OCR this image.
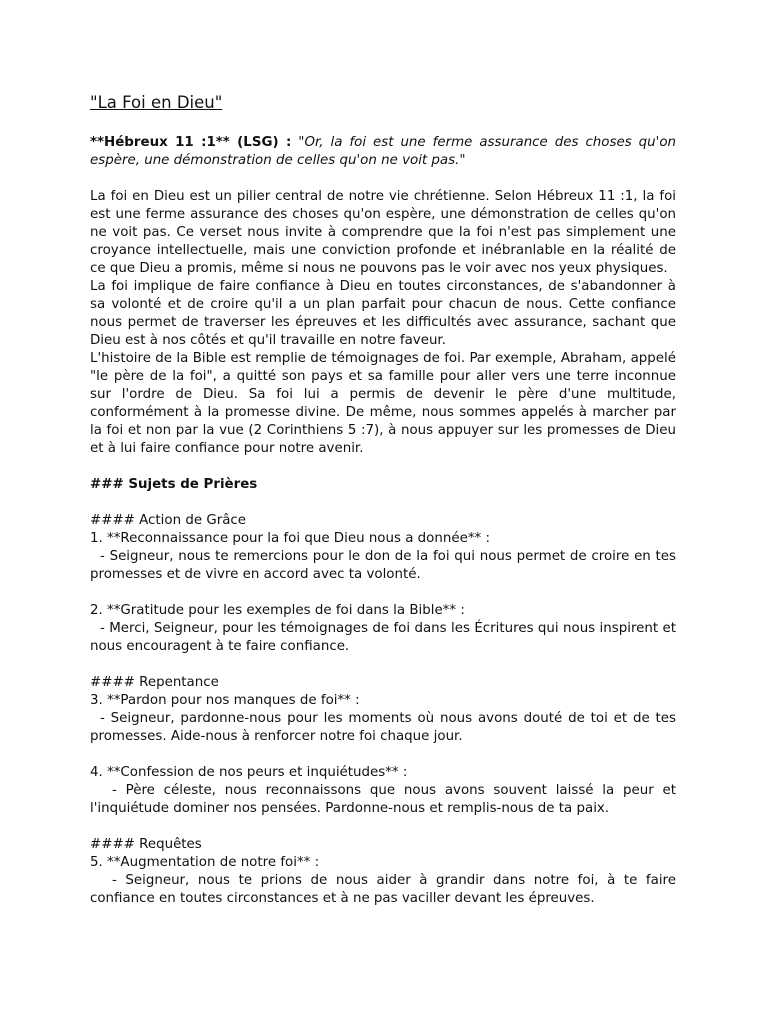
"La Foi en Dieu"
**Hébreux 11 :1** (LSG) : "Or, la foi est une ferme assurance des choses qu'on espère, une démonstration de celles qu'on ne voit pas."

La foi en Dieu est un pilier central de notre vie chrétienne. Selon Hébreux 11 :1, la foi est une ferme assurance des choses qu'on espère, une démonstration de celles qu'on ne voit pas. Ce verset nous invite à comprendre que la foi n'est pas simplement une croyance intellectuelle, mais une conviction profonde et inébranlable en la réalité de ce que Dieu a promis, même si nous ne pouvons pas le voir avec nos yeux physiques.

La foi implique de faire confiance à Dieu en toutes circonstances, de s'abandonner à sa volonté et de croire qu'il a un plan parfait pour chacun de nous. Cette confiance nous permet de traverser les épreuves et les difficultés avec assurance, sachant que Dieu est à nos côtés et qu'il travaille en notre faveur.

L'histoire de la Bible est remplie de témoignages de foi. Par exemple, Abraham, appelé "le père de la foi", a quitté son pays et sa famille pour aller vers une terre inconnue sur l'ordre de Dieu. Sa foi lui a permis de devenir le père d'une multitude, conformément à la promesse divine. De même, nous sommes appelés à marcher par la foi et non par la vue (2 Corinthiens 5 :7), à nous appuyer sur les promesses de Dieu et à lui faire confiance pour notre avenir.

### Sujets de Prières

#### Action de Grâce

1. **Reconnaissance pour la foi que Dieu nous a donnée** :

- Seigneur, nous te remercions pour le don de la foi qui nous permet de croire en tes promesses et de vivre en accord avec ta volonté.

2. **Gratitude pour les exemples de foi dans la Bible** :

- Merci, Seigneur, pour les témoignages de foi dans les Écritures qui nous inspirent et nous encouragent à te faire confiance.

#### Repentance

3. **Pardon pour nos manques de foi** :

- Seigneur, pardonne-nous pour les moments où nous avons douté de toi et de tes promesses. Aide-nous à renforcer notre foi chaque jour.

4. **Confession de nos peurs et inquiétudes** :

- Père céleste, nous reconnaissons que nous avons souvent laissé la peur et l'inquiétude dominer nos pensées. Pardonne-nous et remplis-nous de ta paix.

#### Requêtes

5. **Augmentation de notre foi** :

- Seigneur, nous te prions de nous aider à grandir dans notre foi, à te faire confiance en toutes circonstances et à ne pas vaciller devant les épreuves.
